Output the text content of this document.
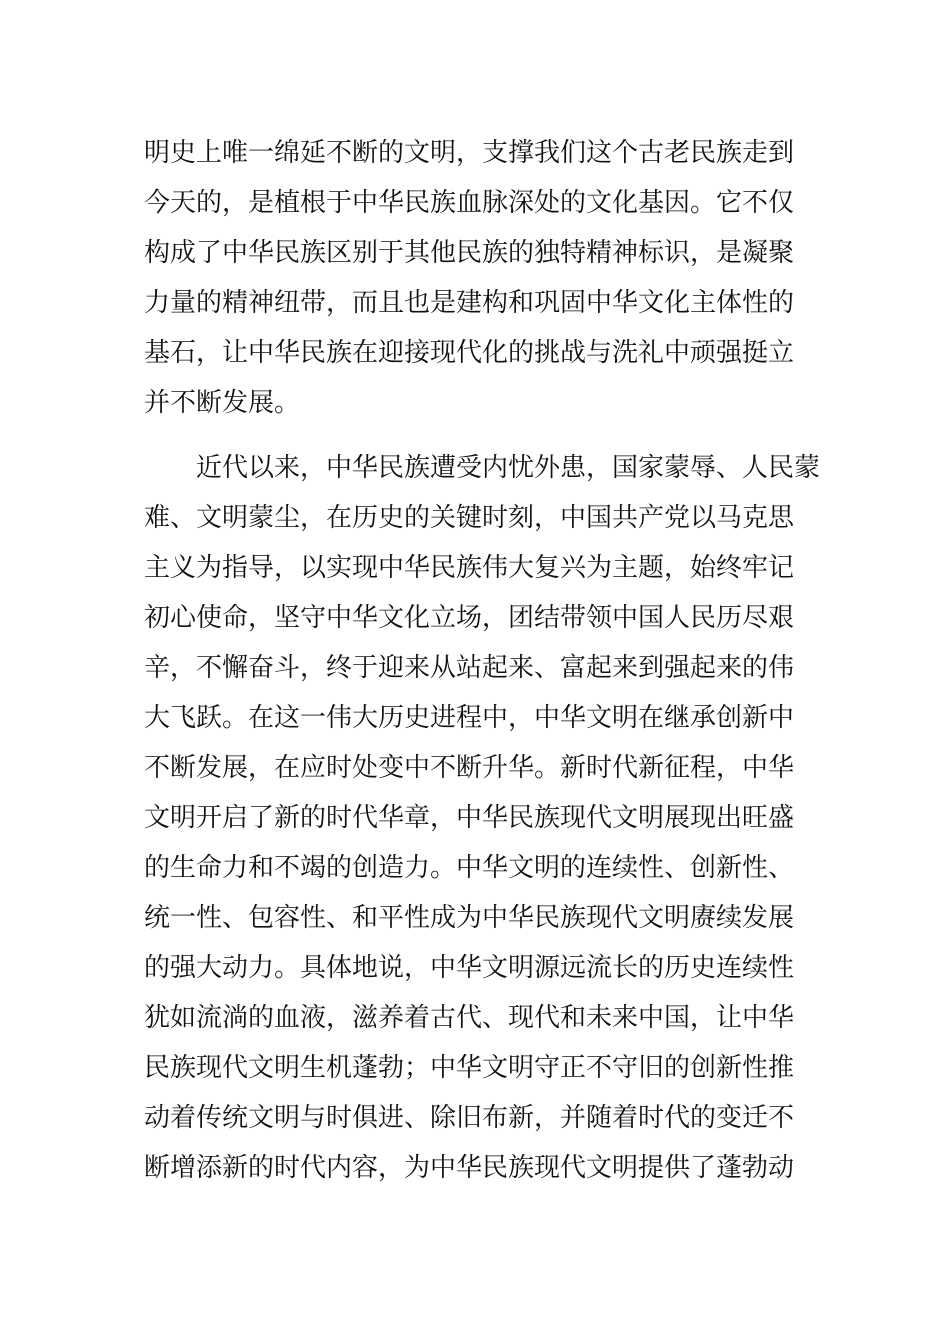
明史上唯一绵延不断的文明，支撑我们这个古老民族走到
今天的，是植根于中华民族血脉深处的文化基因。它不仅
构成了中华民族区别于其他民族的独特精神标识，是凝聚
力量的精神纽带，而且也是建构和巩固中华文化主体性的
基石，让中华民族在迎接现代化的挑战与洗礼中顽强挺立
并不断发展。
　　近代以来，中华民族遭受内忧外患，国家蒙辱、人民蒙
难、文明蒙尘，在历史的关键时刻，中国共产党以马克思
主义为指导，以实现中华民族伟大复兴为主题，始终牢记
初心使命，坚守中华文化立场，团结带领中国人民历尽艰
辛，不懈奋斗，终于迎来从站起来、富起来到强起来的伟
大飞跃。在这一伟大历史进程中，中华文明在继承创新中
不断发展，在应时处变中不断升华。新时代新征程，中华
文明开启了新的时代华章，中华民族现代文明展现出旺盛
的生命力和不竭的创造力。中华文明的连续性、创新性、
统一性、包容性、和平性成为中华民族现代文明赓续发展
的强大动力。具体地说，中华文明源远流长的历史连续性
犹如流淌的血液，滋养着古代、现代和未来中国，让中华
民族现代文明生机蓬勃；中华文明守正不守旧的创新性推
动着传统文明与时俱进、除旧布新，并随着时代的变迁不
断增添新的时代内容，为中华民族现代文明提供了蓬勃动
